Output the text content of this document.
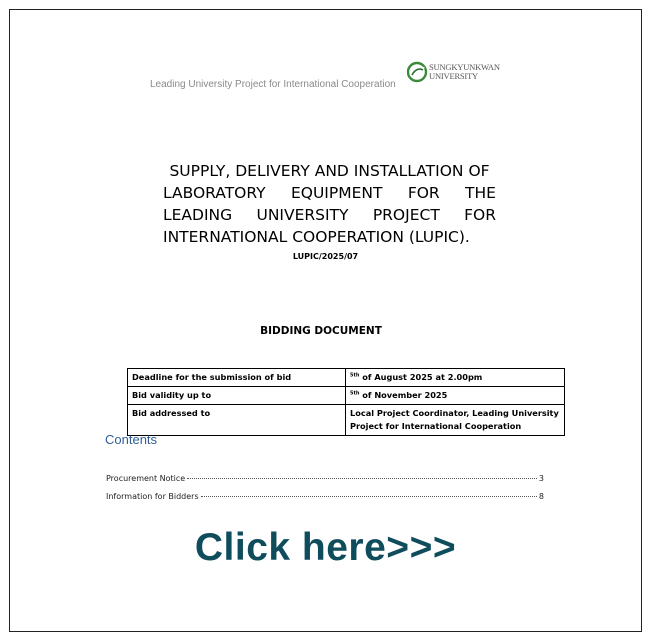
Leading University Project for International Cooperation
SUNGKYUNKWAN
UNIVERSITY
SUPPLY, DELIVERY AND INSTALLATION OF
LABORATORY EQUIPMENT FOR THE
LEADING UNIVERSITY PROJECT FOR
INTERNATIONAL COOPERATION (LUPIC).
LUPIC/2025/07
BIDDING DOCUMENT
Deadline for the submission of bid	$^{5th}$ of August 2025 at 2.00pm
Bid validity up to	$^{5th}$ of November 2025
Bid addressed to	Local Project Coordinator, Leading University Project for International Cooperation
Contents
Procurement Notice	3
Information for Bidders	8
Click here>>>
